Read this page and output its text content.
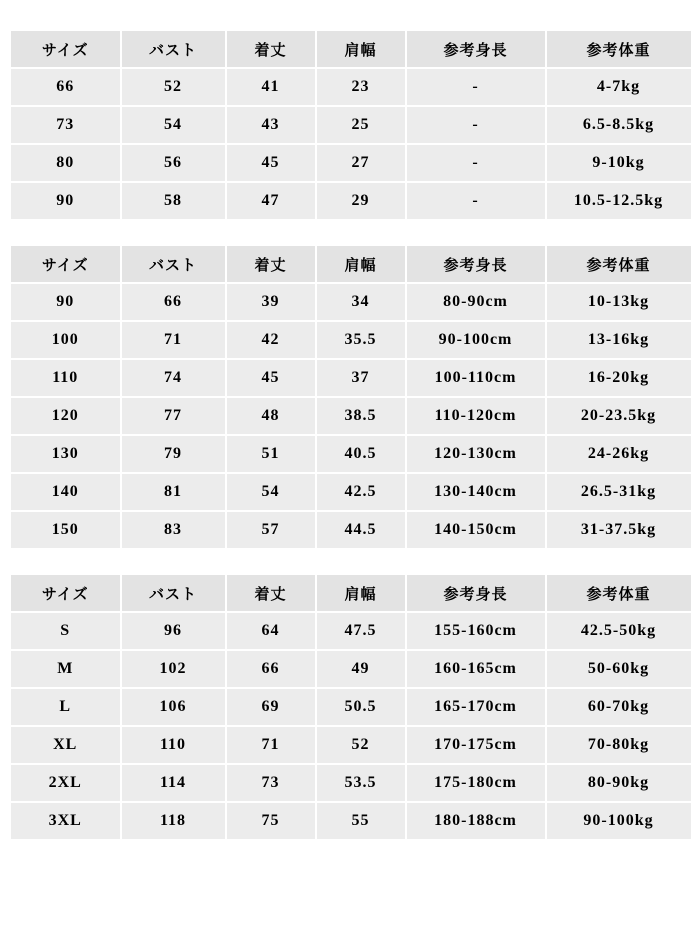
サイズ	バスト	着丈	肩幅	参考身長	参考体重
66	52	41	23	-	4-7kg
73	54	43	25	-	6.5-8.5kg
80	56	45	27	-	9-10kg
90	58	47	29	-	10.5-12.5kg
サイズ	バスト	着丈	肩幅	参考身長	参考体重
90	66	39	34	80-90cm	10-13kg
100	71	42	35.5	90-100cm	13-16kg
110	74	45	37	100-110cm	16-20kg
120	77	48	38.5	110-120cm	20-23.5kg
130	79	51	40.5	120-130cm	24-26kg
140	81	54	42.5	130-140cm	26.5-31kg
150	83	57	44.5	140-150cm	31-37.5kg
サイズ	バスト	着丈	肩幅	参考身長	参考体重
S	96	64	47.5	155-160cm	42.5-50kg
M	102	66	49	160-165cm	50-60kg
L	106	69	50.5	165-170cm	60-70kg
XL	110	71	52	170-175cm	70-80kg
2XL	114	73	53.5	175-180cm	80-90kg
3XL	118	75	55	180-188cm	90-100kg
